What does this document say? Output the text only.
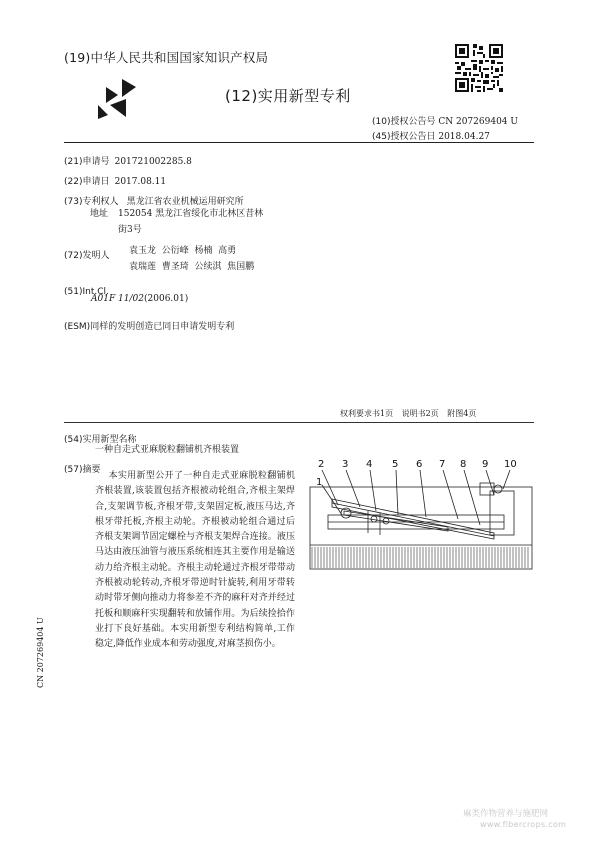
(19)中华人民共和国国家知识产权局
(12)实用新型专利
(10)授权公告号 CN 207269404 U
(45)授权公告日 2018.04.27
(21)申请号 201721002285.8
(22)申请日 2017.08.11
(73)专利权人 黑龙江省农业机械运用研究所
地址 152054 黑龙江省绥化市北林区昔林
街3号
(72)发明人 袁玉龙  公衍峰  杨楠  高勇
袁瑞莲  曹圣琦  公续淇  焦国鹏
(51)Int.Cl.
A01F 11/02(2006.01)
(ESM)同样的发明创造已同日申请发明专利
权利要求书1页 说明书2页 附图4页
(54)实用新型名称
一种自走式亚麻脱粒翻铺机齐根装置
(57)摘要

本实用新型公开了一种自走式亚麻脱粒翻铺机齐根装置,该装置包括齐根被动轮组合,齐根主架焊合,支架调节板,齐根牙带,支架固定板,液压马达,齐根牙带托板,齐根主动轮。齐根被动轮组合通过后齐根支架调节固定螺栓与齐根支架焊合连接。液压马达由液压油管与液压系统相连其主要作用是输送动力给齐根主动轮。齐根主动轮通过齐根牙带带动齐根被动轮转动,齐根牙带逆时针旋转,利用牙带转动时带牙侧向推动力将参差不齐的麻秆对齐并经过托板和顺麻秆实现翻转和放铺作用。为后续捡拾作业打下良好基础。本实用新型专利结构简单,工作稳定,降低作业成本和劳动强度,对麻茎损伤小。

2 3 4 5 6 7 8 9 10
1
CN 207269404 U
麻类作物营养与施肥网
www.fibercrops.com
